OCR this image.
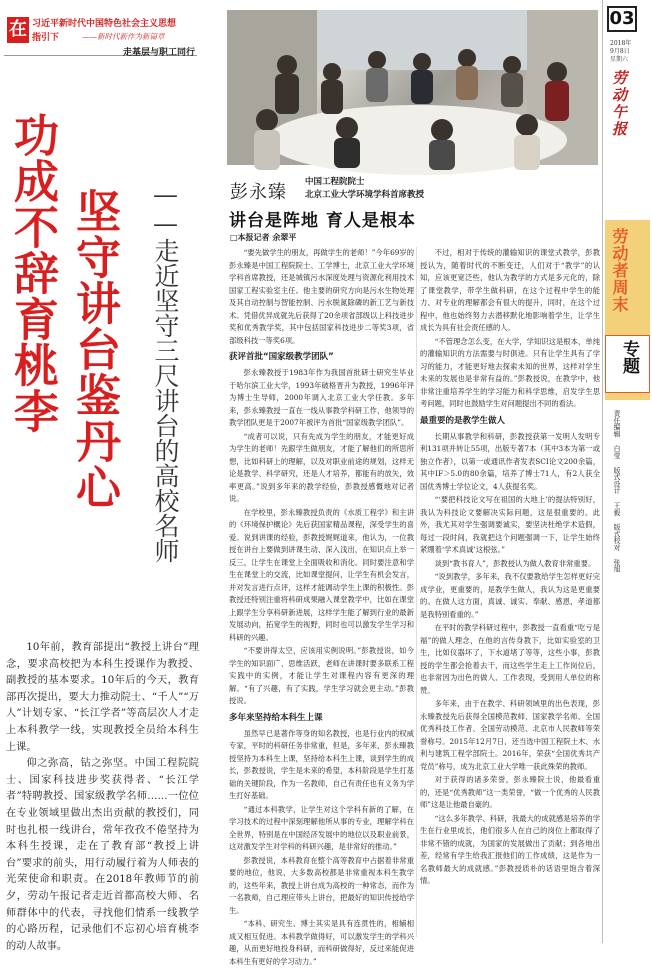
在 习近平新时代中国特色社会主义思想
指引下	——新时代新作为新篇章
走基层与职工同行
功成不辞育桃李 坚守讲台鉴丹心 ——走近坚守三尺讲台的高校名师

10年前，教育部提出“教授上讲台”理念，要求高校把为本科生授课作为教授、副教授的基本要求。10年后的今天，教育部再次提出，要大力推动院士、“千人”“万人”计划专家、“长江学者”等高层次人才走上本科教学一线，实现教授全员给本科生上课。

仰之弥高，钻之弥坚。中国工程院院士、国家科技进步奖获得者、“长江学者”特聘教授、国家级教学名师……一位位在专业领域里做出杰出贡献的教授们，同时也扎根一线讲台，常年孜孜不倦坚持为本科生授课，走在了教育部“教授上讲台”要求的前头，用行动履行着为人师表的光荣使命和职责。在2018年教师节的前夕，劳动午报记者走近首都高校大师、名师群体中的代表，寻找他们情系一线教学的心路历程，记录他们不忘初心培育桃李的动人故事。

彭永臻 中国工程院院士
北京工业大学环境学科首席教授
讲台是阵地 育人是根本
□本报记者 余翠平

“要先做学生的朋友，再做学生的老师！”今年69岁的彭永臻是中国工程院院士、工学博士，北京工业大学环境学科首席教授，还是城镇污水深度处理与资源化利用技术国家工程实验室主任。他主要的研究方向是污水生物处理及其自动控制与智能控制、污水脱氮除磷的新工艺与新技术。凭借优异成就先后获得了20余项省部级以上科技进步奖和优秀教学奖，其中包括国家科技进步二等奖3项，省部级科技一等奖6项。

获评首批“国家级教学团队”

彭永臻教授于1983年作为我国首批研士研究生毕业于哈尔滨工业大学，1993年破格晋升为教授，1996年评为博士生导师，2000年调入北京工业大学任教。多年来，彭永臻教授一直在一线从事教学科研工作，他领导的教学团队更是于2007年被评为首批“国家级教学团队”。

“成者可以说，只有先成为学生的朋友，才能更好成为学生的老师！先跟学生做朋友，才能了解他们的所思所想，比如科研上的理解，以及对职业前途的规划，这样无论是教学、科学研究，还是人才培养，都能有的放矢，效率更高。”说到多年来的教学经验，彭教授感慨地对记者说。

在学校里，彭永臻教授负责的《水质工程学》和主讲的《环境保护概论》先后获国家精品课程，深受学生的喜爱。说到讲课的经验，彭教授娓娓道来，他认为，一位教授在讲台上要做到讲课生动、深入浅出，在知识点上举一反三，让学生在课堂上全面吸收和消化。同时要注意和学生在课堂上的交流，比如课堂提问，让学生有机会发言，并对发言进行点评，这样才能调动学生上课的积极性。彭教授还特别注重将科研成果融入课堂教学中，比如在课堂上跟学生分享科研新进展，这样学生能了解到行业的最新发展动向，拓宽学生的视野，同时也可以激发学生学习和科研的兴趣。

“不要讲得太空，应该用实例说明。”彭教授说，如今学生的知识面广、思维活跃，老师在讲课时要多联系工程实践中的实例，才能让学生对课程内容有更深的理解。“有了兴趣，有了实践，学生学习就会更主动。”彭教授说。

多年来坚持给本科生上课

虽然早已是著作等身的知名教授，也是行业内的权威专家，平时的科研任务非常重，但是，多年来，彭永臻教授坚持为本科生上课，坚持给本科生上课，谈到学生的成长，彭教授说，学生是未来的希望，本科阶段是学生打基础的关键阶段，作为一名教师，自己有责任也有义务为学生打好基础。

“通过本科教学，让学生对这个学科有新的了解，在学习技术的过程中深刻理解他所从事的专业，理解学科在全世界，特别是在中国经济发展中的地位以及职业前景，这对激发学生对学科的科研兴趣，是非常好的推动。”

彭教授说，本科教育在整个高等教育中占据着非常重要的地位，他说，大多数高校都是非常重视本科生教学的，这些年来，教授上讲台成为高校的一种常态，而作为一名教师，自己理应带头上讲台，把最好的知识传授给学生。

“本科、研究生、博士其实是具有连贯性的，相辅相成又相互促进。本科教学做得好，可以激发学生的学科兴趣，从而更好地投身科研，而科研做得好，反过来能促进本科生有更好的学习动力。”

不过，相对于传统的灌输知识的课堂式教学，彭教授认为，随着时代的不断变迁，人们对于“教学”的认知，应该更宽泛些，他认为教学的方式是多元化的，除了课堂教学，带学生做科研，在这个过程中学生的能力、对专业的理解都会有很大的提升，同时，在这个过程中，他也始终努力去潜移默化地影响着学生，让学生成长为具有社会责任感的人。

“不管理念怎么变，在大学，学知识这是根本，单纯的灌输知识的方法需要与时俱进。只有让学生具有了学习的能力，才能更好地去探索未知的世界，这样对学生未来的发展也是非常有益的。”彭教授说，在教学中，他非常注重培养学生的学习能力和科学思维，启发学生思考问题，同时也鼓励学生对问题提出不同的看法。

最重要的是教学生做人

长期从事教学和科研，彭教授获第一发明人发明专利131项并转让55项，出版专著7本（其中3本为第一或独立作者），以第一或通讯作者发表SCI论文200余篇，其中IF＞5.0的80余篇，培养了博士71人，有2人获全国优秀博士学位论文，4人获提名奖。

“‘要把科技论文写在祖国的大地上’的提法特别好，我认为科技论文要解决实际问题，这是很重要的。此外，我尤其对学生强调要诚实，要坚决杜绝学术造假，每过一段时间，我就把这个问题强调一下，让学生始终紧绷着‘学术真诚’这根弦。”

谈到“教书育人”，彭教授认为做人教育非常重要。

“说到教学，多年来，我不仅要教给学生怎样更好完成学业，更重要的，是教学生做人，我认为这是更重要的。在做人这方面，真诚、诚实、奉献、感恩，孝道都是我特别看重的。”

在平时的教学科研过程中，彭教授一直看重“吃亏是福”的做人理念，在他的言传身教下，比如实验室的卫生，比如仪器坏了，下水道堵了等等，这些小事，彭教授的学生都会抢着去干，而这些学生走上工作岗位后，也非常因为出色的做人、工作表现，受到用人单位的称赞。

多年来，由于在教学、科研领域里的出色表现，彭永臻教授先后获得全国模范教师、国家教学名师、全国优秀科技工作者、全国劳动模范、北京市人民教师等荣誉称号。2015年12月7日，还当选中国工程院土木、水利与建筑工程学部院士。2016年，荣获“全国优秀共产党员”称号，成为北京工业大学唯一获此殊荣的教师。

对于获得的诸多荣誉，彭永臻院士说，他最看重的，还是“优秀教师”这一类荣誉，“做一个优秀的人民教师”这是让他最自豪的。

“这么多年教学、科研，我最大的成就感是培养的学生在行业里成长，他们很多人在自己的岗位上都取得了非常不错的成就，为国家的发展做出了贡献；到各地出差，经常有学生给我汇报他们的工作成绩，这是作为一名教师最大的成就感。”彭教授质朴的话语里饱含着深情。

03
2018年
9月8日
星期六
劳动午报
劳动者周末
专题
责任编辑 白莹 版式设计 王毅 版式校对 张旭
